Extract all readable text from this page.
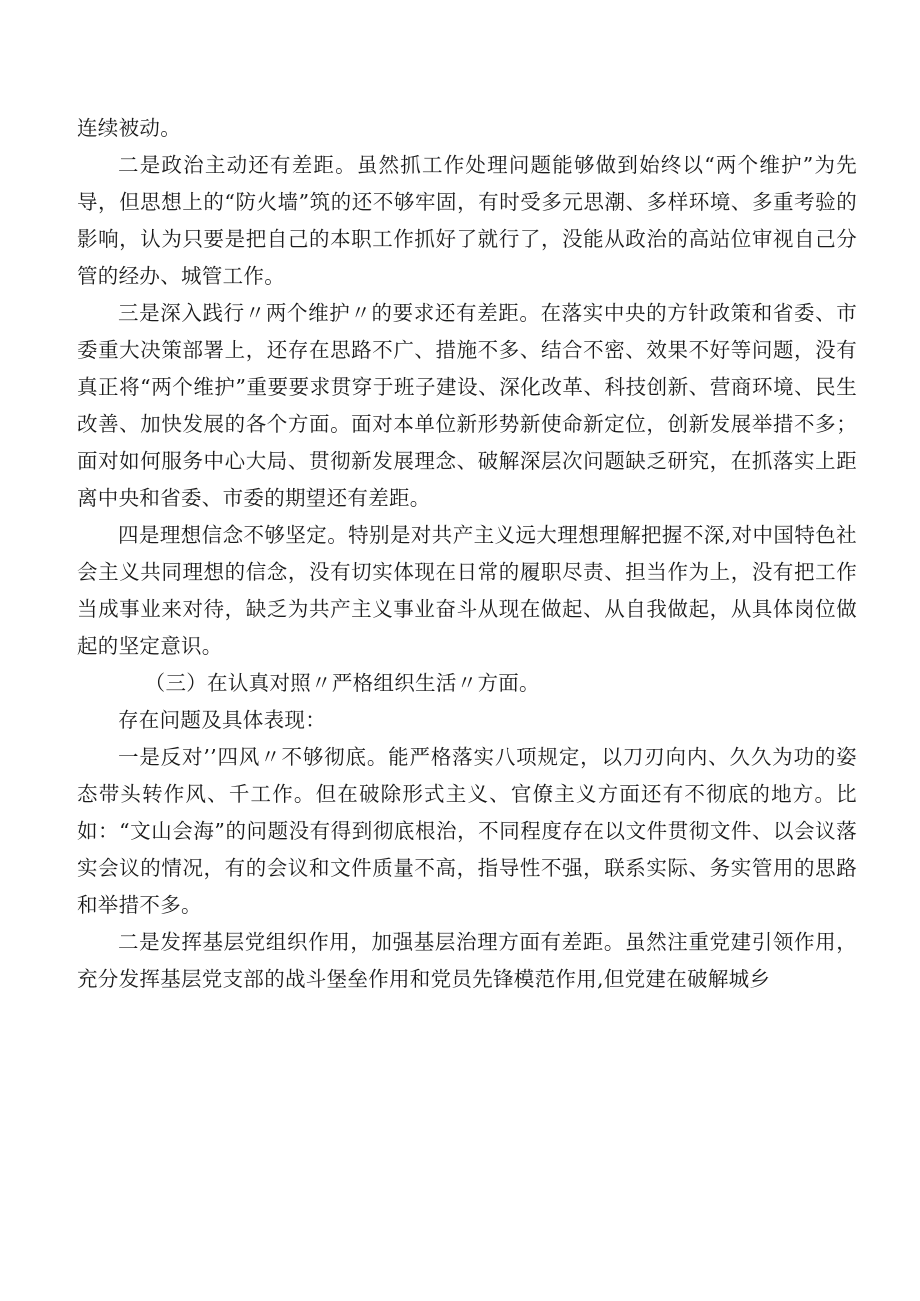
连续被动。

二是政治主动还有差距。虽然抓工作处理问题能够做到始终以“两个维护”为先导，但思想上的“防火墙”筑的还不够牢固，有时受多元思潮、多样环境、多重考验的影响，认为只要是把自己的本职工作抓好了就行了，没能从政治的高站位审视自己分管的经办、城管工作。

三是深入践行〃两个维护〃的要求还有差距。在落实中央的方针政策和省委、市委重大决策部署上，还存在思路不广、措施不多、结合不密、效果不好等问题，没有真正将“两个维护”重要要求贯穿于班子建设、深化改革、科技创新、营商环境、民生改善、加快发展的各个方面。面对本单位新形势新使命新定位，创新发展举措不多；面对如何服务中心大局、贯彻新发展理念、破解深层次问题缺乏研究，在抓落实上距离中央和省委、市委的期望还有差距。

四是理想信念不够坚定。特别是对共产主义远大理想理解把握不深,对中国特色社会主义共同理想的信念，没有切实体现在日常的履职尽责、担当作为上，没有把工作当成事业来对待，缺乏为共产主义事业奋斗从现在做起、从自我做起，从具体岗位做起的坚定意识。

（三）在认真对照〃严格组织生活〃方面。

存在问题及具体表现：

一是反对’’四风〃不够彻底。能严格落实八项规定，以刀刃向内、久久为功的姿态带头转作风、千工作。但在破除形式主义、官僚主义方面还有不彻底的地方。比如：“文山会海”的问题没有得到彻底根治，不同程度存在以文件贯彻文件、以会议落实会议的情况，有的会议和文件质量不高，指导性不强，联系实际、务实管用的思路和举措不多。

二是发挥基层党组织作用，加强基层治理方面有差距。虽然注重党建引领作用，充分发挥基层党支部的战斗堡垒作用和党员先锋模范作用,但党建在破解城乡
